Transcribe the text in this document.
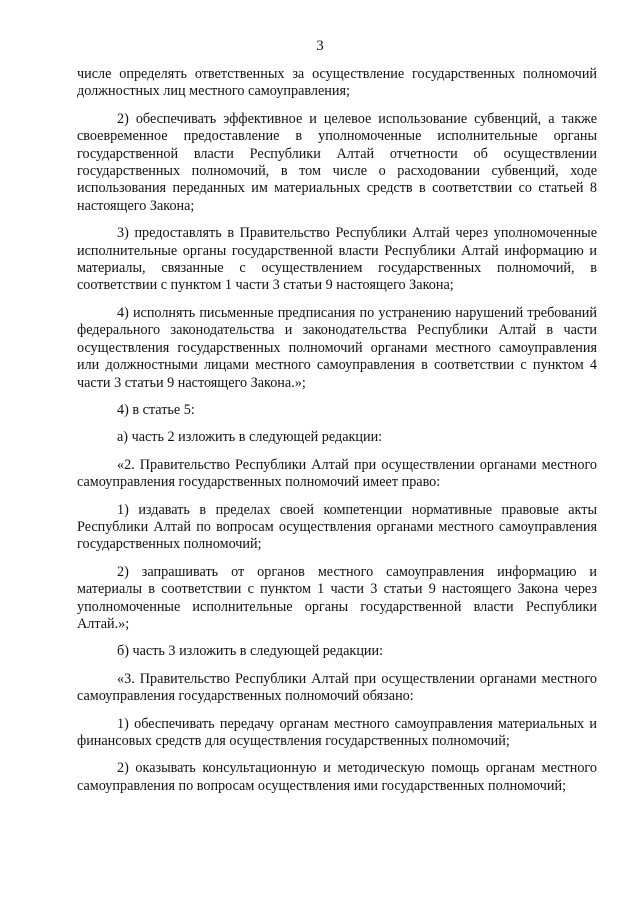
3

числе определять ответственных за осуществление государственных полномочий должностных лиц местного самоуправления;

2) обеспечивать эффективное и целевое использование субвенций, а также своевременное предоставление в уполномоченные исполнительные органы государственной власти Республики Алтай отчетности об осуществлении государственных полномочий, в том числе о расходовании субвенций, ходе использования переданных им материальных средств в соответствии со статьей 8 настоящего Закона;

3) предоставлять в Правительство Республики Алтай через уполномоченные исполнительные органы государственной власти Республики Алтай информацию и материалы, связанные с осуществлением государственных полномочий, в соответствии с пунктом 1 части 3 статьи 9 настоящего Закона;

4) исполнять письменные предписания по устранению нарушений требований федерального законодательства и законодательства Республики Алтай в части осуществления государственных полномочий органами местного самоуправления или должностными лицами местного самоуправления в соответствии с пунктом 4 части 3 статьи 9 настоящего Закона.»;

4) в статье 5:

а) часть 2 изложить в следующей редакции:

«2. Правительство Республики Алтай при осуществлении органами местного самоуправления государственных полномочий имеет право:

1) издавать в пределах своей компетенции нормативные правовые акты Республики Алтай по вопросам осуществления органами местного самоуправления государственных полномочий;

2) запрашивать от органов местного самоуправления информацию и материалы в соответствии с пунктом 1 части 3 статьи 9 настоящего Закона через уполномоченные исполнительные органы государственной власти Республики Алтай.»;

б) часть 3 изложить в следующей редакции:

«3. Правительство Республики Алтай при осуществлении органами местного самоуправления государственных полномочий обязано:

1) обеспечивать передачу органам местного самоуправления материальных и финансовых средств для осуществления государственных полномочий;

2) оказывать консультационную и методическую помощь органам местного самоуправления по вопросам осуществления ими государственных полномочий;
